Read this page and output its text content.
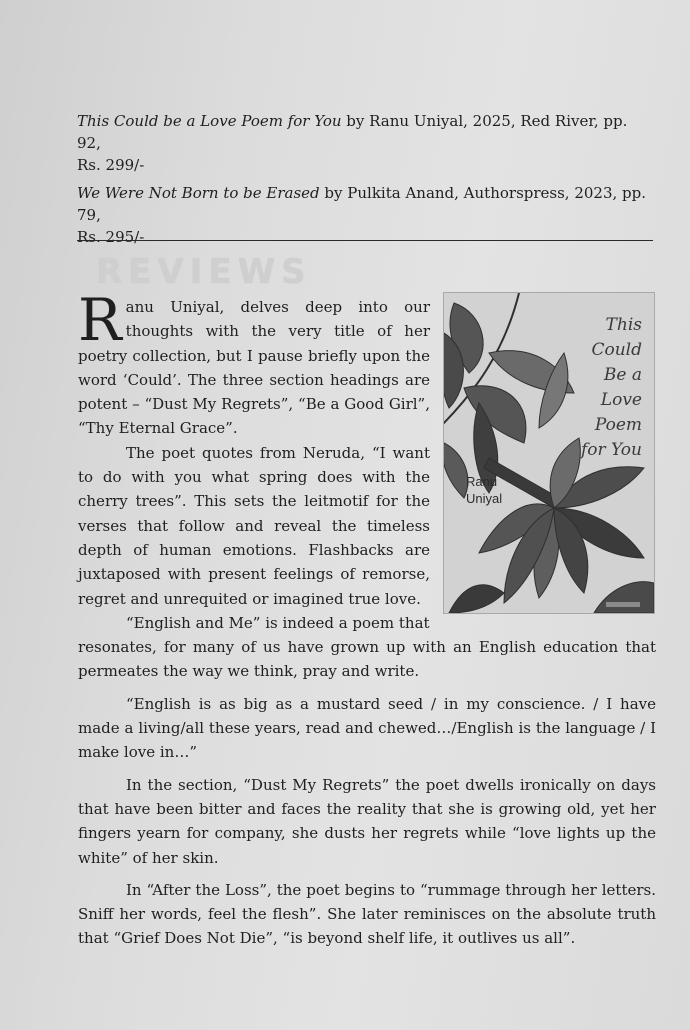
This Could be a Love Poem for You by Ranu Uniyal, 2025, Red River, pp. 92,
Rs. 299/-
We Were Not Born to be Erased by Pulkita Anand, Authorspress, 2023, pp. 79,
Rs. 295/-
REVIEWS
This
Could
Be a
Love
Poem
for You
Ranu
Uniyal

R anu Uniyal, delves deep into our thoughts with the very title of her poetry collection, but I pause briefly upon the word ‘Could’. The three section headings are potent – “Dust My Regrets”, “Be a Good Girl”, “Thy Eternal Grace”.

The poet quotes from Neruda, “I want to do with you what spring does with the cherry trees”. This sets the leitmotif for the verses that follow and reveal the timeless depth of human emotions. Flashbacks are juxtaposed with present feelings of remorse, regret and unrequited or imagined true love.

“English and Me” is indeed a poem that

resonates, for many of us have grown up with an English education that permeates the way we think, pray and write.

“English is as big as a mustard seed / in my conscience. / I have made a living/all these years, read and chewed…/English is the language / I make love in…”

In the section, “Dust My Regrets” the poet dwells ironically on days that have been bitter and faces the reality that she is growing old, yet her fingers yearn for company, she dusts her regrets while “love lights up the white” of her skin.

In “After the Loss”, the poet begins to “rummage through her letters. Sniff her words, feel the flesh”. She later reminisces on the absolute truth that “Grief Does Not Die”, “is beyond shelf life, it outlives us all”.
